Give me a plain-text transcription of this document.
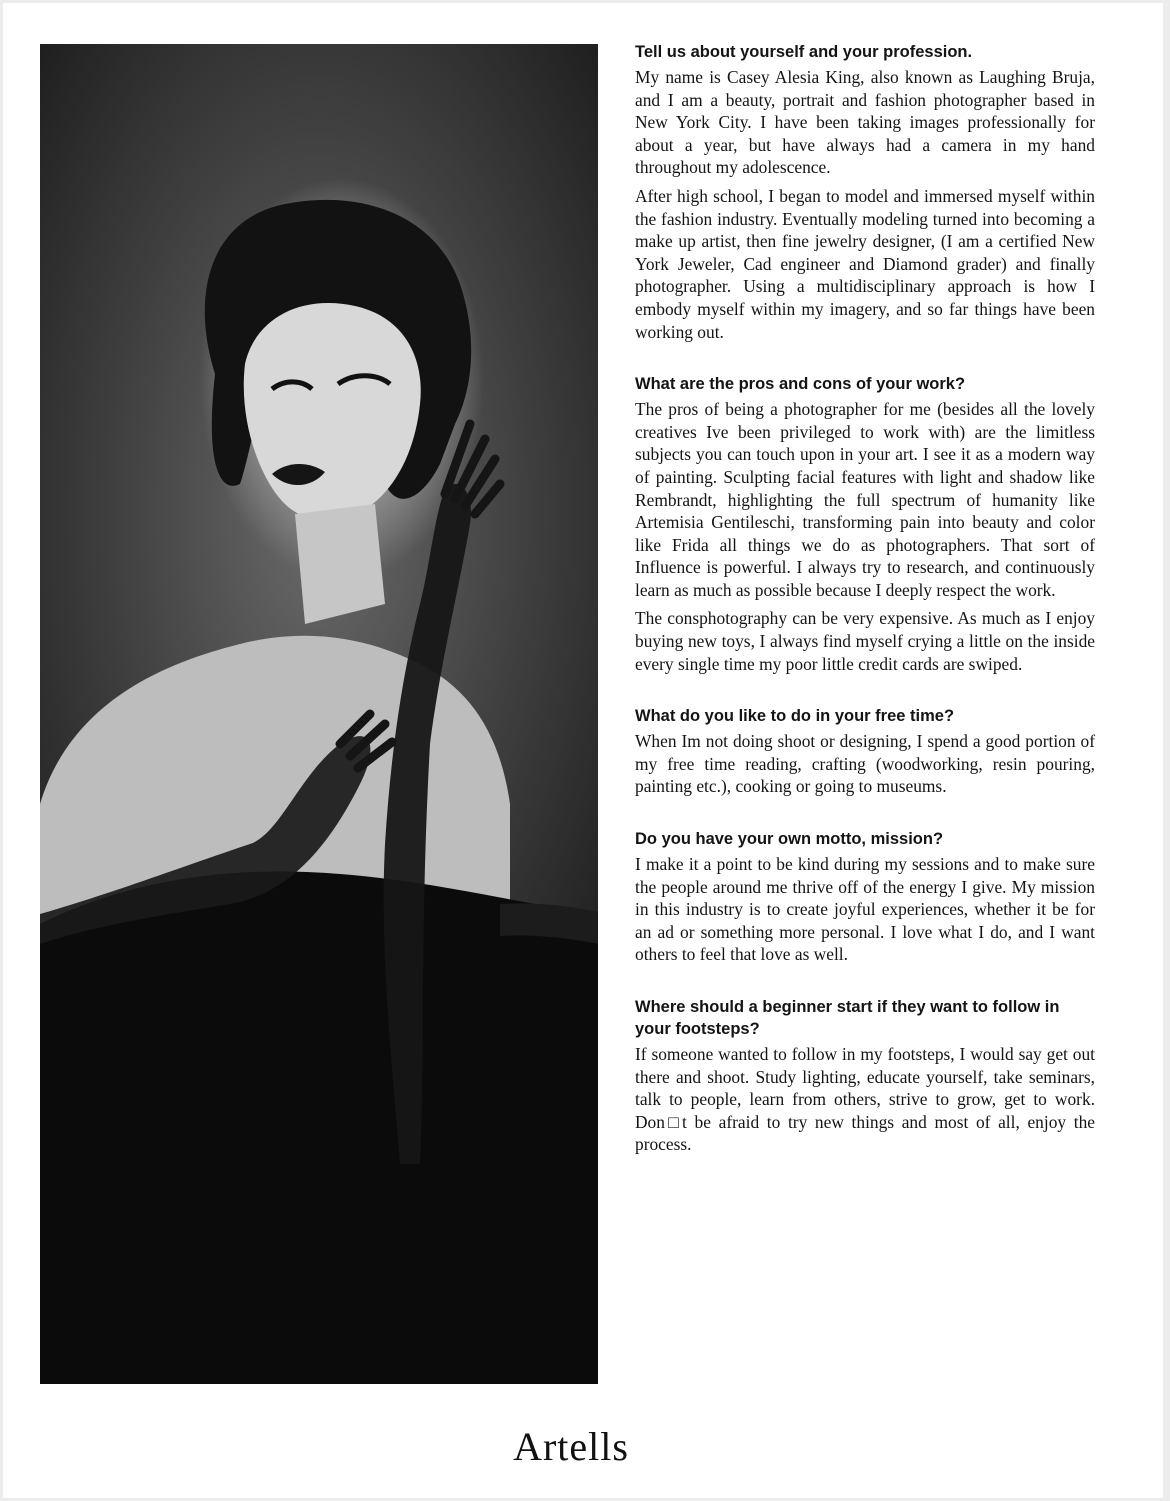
Tell us about yourself and your profession.

My name is Casey Alesia King, also known as Laughing Bruja, and I am a beauty, portrait and fashion photographer based in New York City. I have been taking images professionally for about a year, but have always had a camera in my hand throughout my adolescence.

After high school, I began to model and immersed myself within the fashion industry. Eventually modeling turned into becoming a make up artist, then fine jewelry designer, (I am a certified New York Jeweler, Cad engineer and Diamond grader) and finally photographer. Using a multidisciplinary approach is how I embody myself within my imagery, and so far things have been working out.

What are the pros and cons of your work?

The pros of being a photographer for me (besides all the lovely creatives Ive been privileged to work with) are the limitless subjects you can touch upon in your art. I see it as a modern way of painting. Sculpting facial features with light and shadow like Rembrandt, highlighting the full spectrum of humanity like Artemisia Gentileschi, transforming pain into beauty and color like Frida all things we do as photographers. That sort of Influence is powerful. I always try to research, and continuously learn as much as possible because I deeply respect the work.

The consphotography can be very expensive. As much as I enjoy buying new toys, I always find myself crying a little on the inside every single time my poor little credit cards are swiped.

What do you like to do in your free time?

When Im not doing shoot or designing, I spend a good portion of my free time reading, crafting (woodworking, resin pouring, painting etc.), cooking or going to museums.

Do you have your own motto, mission?

I make it a point to be kind during my sessions and to make sure the people around me thrive off of the energy I give. My mission in this industry is to create joyful experiences, whether it be for an ad or something more personal. I love what I do, and I want others to feel that love as well.

Where should a beginner start if they want to follow in your footsteps?

If someone wanted to follow in my footsteps, I would say get out there and shoot. Study lighting, educate yourself, take seminars, talk to people, learn from others, strive to grow, get to work. Don□t be afraid to try new things and most of all, enjoy the process.

Artells
